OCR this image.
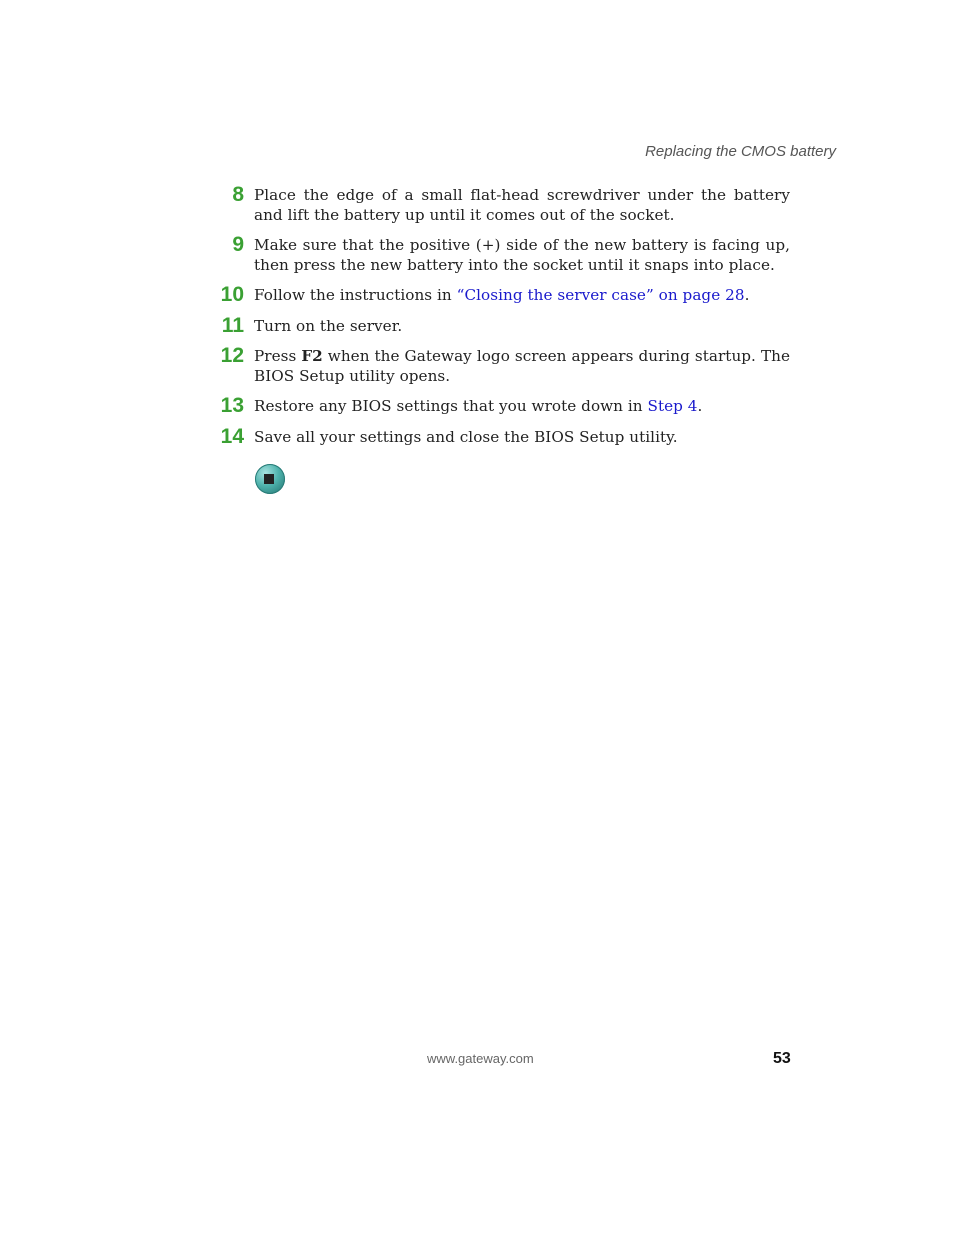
Replacing the CMOS battery
8 Place the edge of a small flat-head screwdriver under the battery and lift the battery up until it comes out of the socket.
9 Make sure that the positive (+) side of the new battery is facing up, then press the new battery into the socket until it snaps into place.
10 Follow the instructions in “Closing the server case” on page 28.
11 Turn on the server.
12 Press F2 when the Gateway logo screen appears during startup. The BIOS Setup utility opens.
13 Restore any BIOS settings that you wrote down in Step 4.
14 Save all your settings and close the BIOS Setup utility.
www.gateway.com	53
